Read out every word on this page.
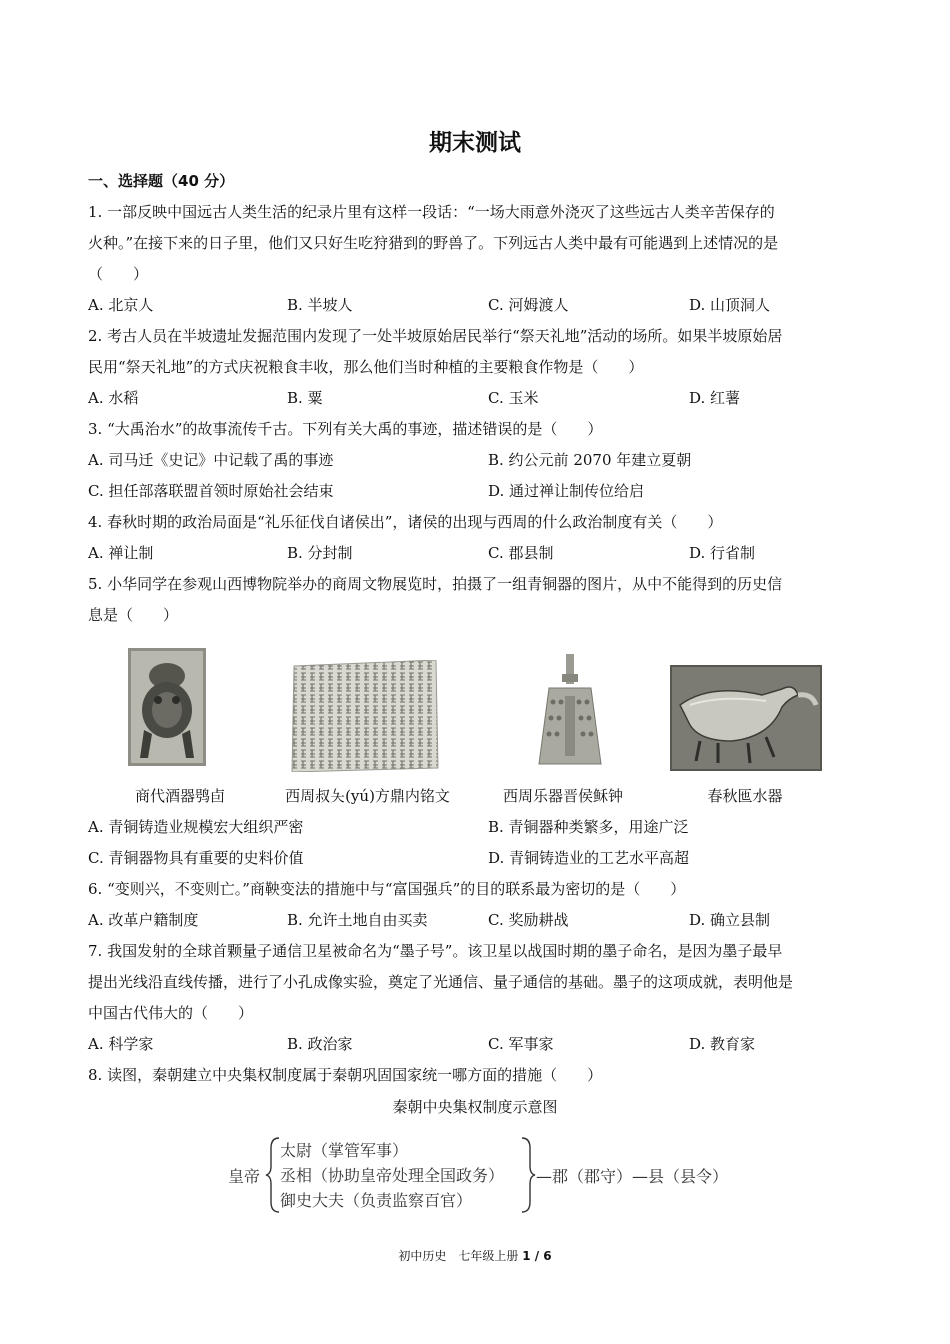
期末测试
一、选择题（40 分）
1. 一部反映中国远古人类生活的纪录片里有这样一段话：“一场大雨意外浇灭了这些远古人类辛苦保存的
火种。”在接下来的日子里，他们又只好生吃狩猎到的野兽了。下列远古人类中最有可能遇到上述情况的是
（　　）
A. 北京人	B. 半坡人	C. 河姆渡人	D. 山顶洞人
2. 考古人员在半坡遗址发掘范围内发现了一处半坡原始居民举行“祭天礼地”活动的场所。如果半坡原始居
民用“祭天礼地”的方式庆祝粮食丰收，那么他们当时种植的主要粮食作物是（　　）
A. 水稻	B. 粟	C. 玉米	D. 红薯
3. “大禹治水”的故事流传千古。下列有关大禹的事迹，描述错误的是（　　）
A. 司马迁《史记》中记载了禹的事迹	B. 约公元前 2070 年建立夏朝
C. 担任部落联盟首领时原始社会结束	D. 通过禅让制传位给启
4. 春秋时期的政治局面是“礼乐征伐自诸侯出”，诸侯的出现与西周的什么政治制度有关（　　）
A. 禅让制	B. 分封制	C. 郡县制	D. 行省制
5. 小华同学在参观山西博物院举办的商周文物展览时，拍摄了一组青铜器的图片，从中不能得到的历史信
息是（　　）
商代酒器鸮卣	西周叔夨(yú)方鼎内铭文	西周乐器晋侯稣钟	春秋匜水器
A. 青铜铸造业规模宏大组织严密	B. 青铜器种类繁多，用途广泛
C. 青铜器物具有重要的史料价值	D. 青铜铸造业的工艺水平高超
6. “变则兴，不变则亡。”商鞅变法的措施中与“富国强兵”的目的联系最为密切的是（　　）
A. 改革户籍制度	B. 允许土地自由买卖	C. 奖励耕战	D. 确立县制
7. 我国发射的全球首颗量子通信卫星被命名为“墨子号”。该卫星以战国时期的墨子命名，是因为墨子最早
提出光线沿直线传播，进行了小孔成像实验，奠定了光通信、量子通信的基础。墨子的这项成就，表明他是
中国古代伟大的（　　）
A. 科学家	B. 政治家	C. 军事家	D. 教育家
8. 读图，秦朝建立中央集权制度属于秦朝巩固国家统一哪方面的措施（　　）
秦朝中央集权制度示意图
皇帝
太尉（掌管军事）
丞相（协助皇帝处理全国政务）
御史大夫（负责监察百官）
—郡（郡守）—县（县令）
初中历史　七年级上册 1 / 6
